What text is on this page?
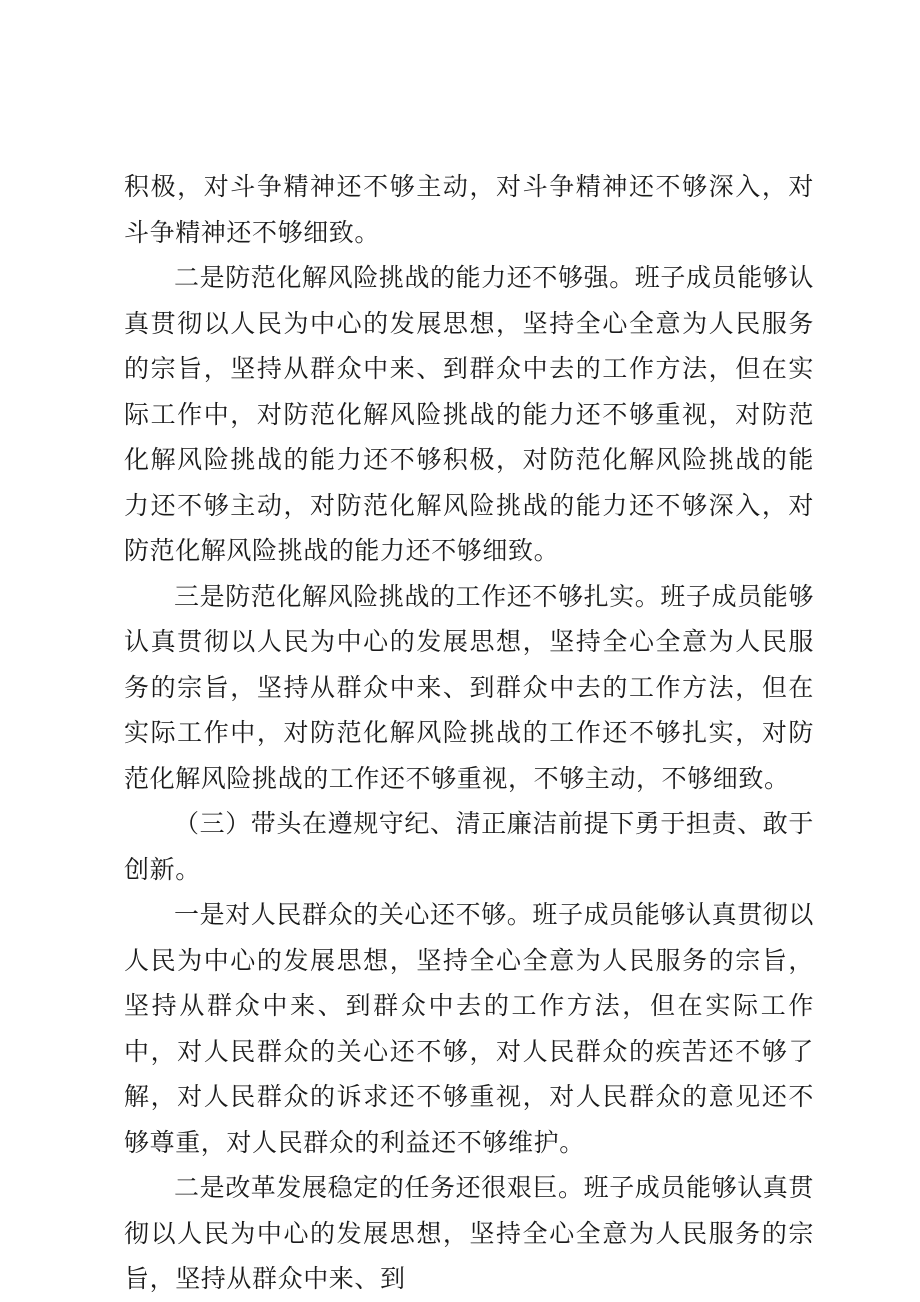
积极，对斗争精神还不够主动，对斗争精神还不够深入，对斗争精神还不够细致。

二是防范化解风险挑战的能力还不够强。班子成员能够认真贯彻以人民为中心的发展思想，坚持全心全意为人民服务的宗旨，坚持从群众中来、到群众中去的工作方法，但在实际工作中，对防范化解风险挑战的能力还不够重视，对防范化解风险挑战的能力还不够积极，对防范化解风险挑战的能力还不够主动，对防范化解风险挑战的能力还不够深入，对防范化解风险挑战的能力还不够细致。

三是防范化解风险挑战的工作还不够扎实。班子成员能够认真贯彻以人民为中心的发展思想，坚持全心全意为人民服务的宗旨，坚持从群众中来、到群众中去的工作方法，但在实际工作中，对防范化解风险挑战的工作还不够扎实，对防范化解风险挑战的工作还不够重视，不够主动，不够细致。

（三）带头在遵规守纪、清正廉洁前提下勇于担责、敢于创新。

一是对人民群众的关心还不够。班子成员能够认真贯彻以人民为中心的发展思想，坚持全心全意为人民服务的宗旨，坚持从群众中来、到群众中去的工作方法，但在实际工作中，对人民群众的关心还不够，对人民群众的疾苦还不够了解，对人民群众的诉求还不够重视，对人民群众的意见还不够尊重，对人民群众的利益还不够维护。

二是改革发展稳定的任务还很艰巨。班子成员能够认真贯彻以人民为中心的发展思想，坚持全心全意为人民服务的宗旨，坚持从群众中来、到
